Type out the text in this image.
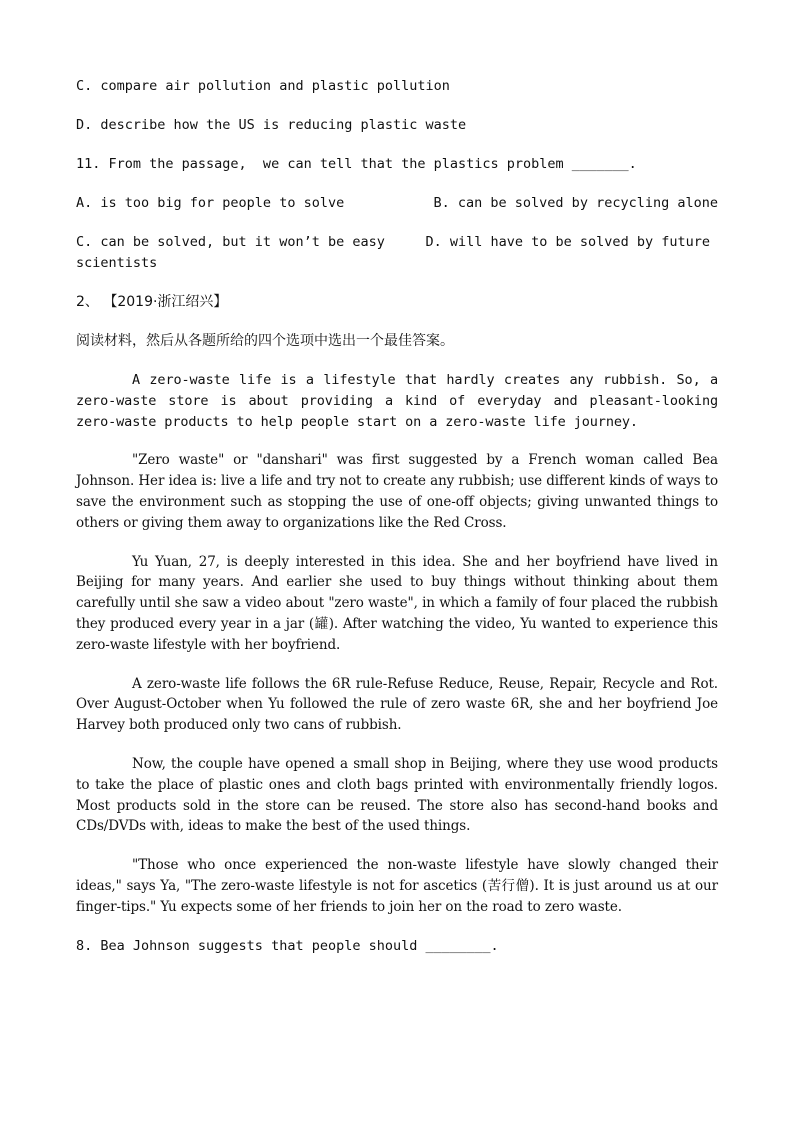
C. compare air pollution and plastic pollution

D. describe how the US is reducing plastic waste

11. From the passage,  we can tell that the plastics problem _______.

A. is too big for people to solve	B. can be solved by recycling alone

C. can be solved, but it won’t be easy	D. will have to be solved by future scientists

2、 【2019·浙江绍兴】

阅读材料，然后从各题所给的四个选项中选出一个最佳答案。

A zero-waste life is a lifestyle that hardly creates any rubbish. So, a zero-waste store is about providing a kind of everyday and pleasant-looking zero-waste products to help people start on a zero-waste life journey.

"Zero waste" or "danshari" was first suggested by a French woman called Bea Johnson. Her idea is: live a life and try not to create any rubbish; use different kinds of ways to save the environment such as stopping the use of one-off objects; giving unwanted things to others or giving them away to organizations like the Red Cross.

Yu Yuan, 27, is deeply interested in this idea. She and her boyfriend have lived in Beijing for many years. And earlier she used to buy things without thinking about them carefully until she saw a video about "zero waste", in which a family of four placed the rubbish they produced every year in a jar (罐). After watching the video, Yu wanted to experience this zero-waste lifestyle with her boyfriend.

A zero-waste life follows the 6R rule-Refuse Reduce, Reuse, Repair, Recycle and Rot. Over August-October when Yu followed the rule of zero waste 6R, she and her boyfriend Joe Harvey both produced only two cans of rubbish.

Now, the couple have opened a small shop in Beijing, where they use wood products to take the place of plastic ones and cloth bags printed with environmentally friendly logos. Most products sold in the store can be reused. The store also has second-hand books and CDs/DVDs with, ideas to make the best of the used things.

"Those who once experienced the non-waste lifestyle have slowly changed their ideas," says Ya, "The zero-waste lifestyle is not for ascetics (苦行僧). It is just around us at our finger-tips." Yu expects some of her friends to join her on the road to zero waste.

8. Bea Johnson suggests that people should ________.
